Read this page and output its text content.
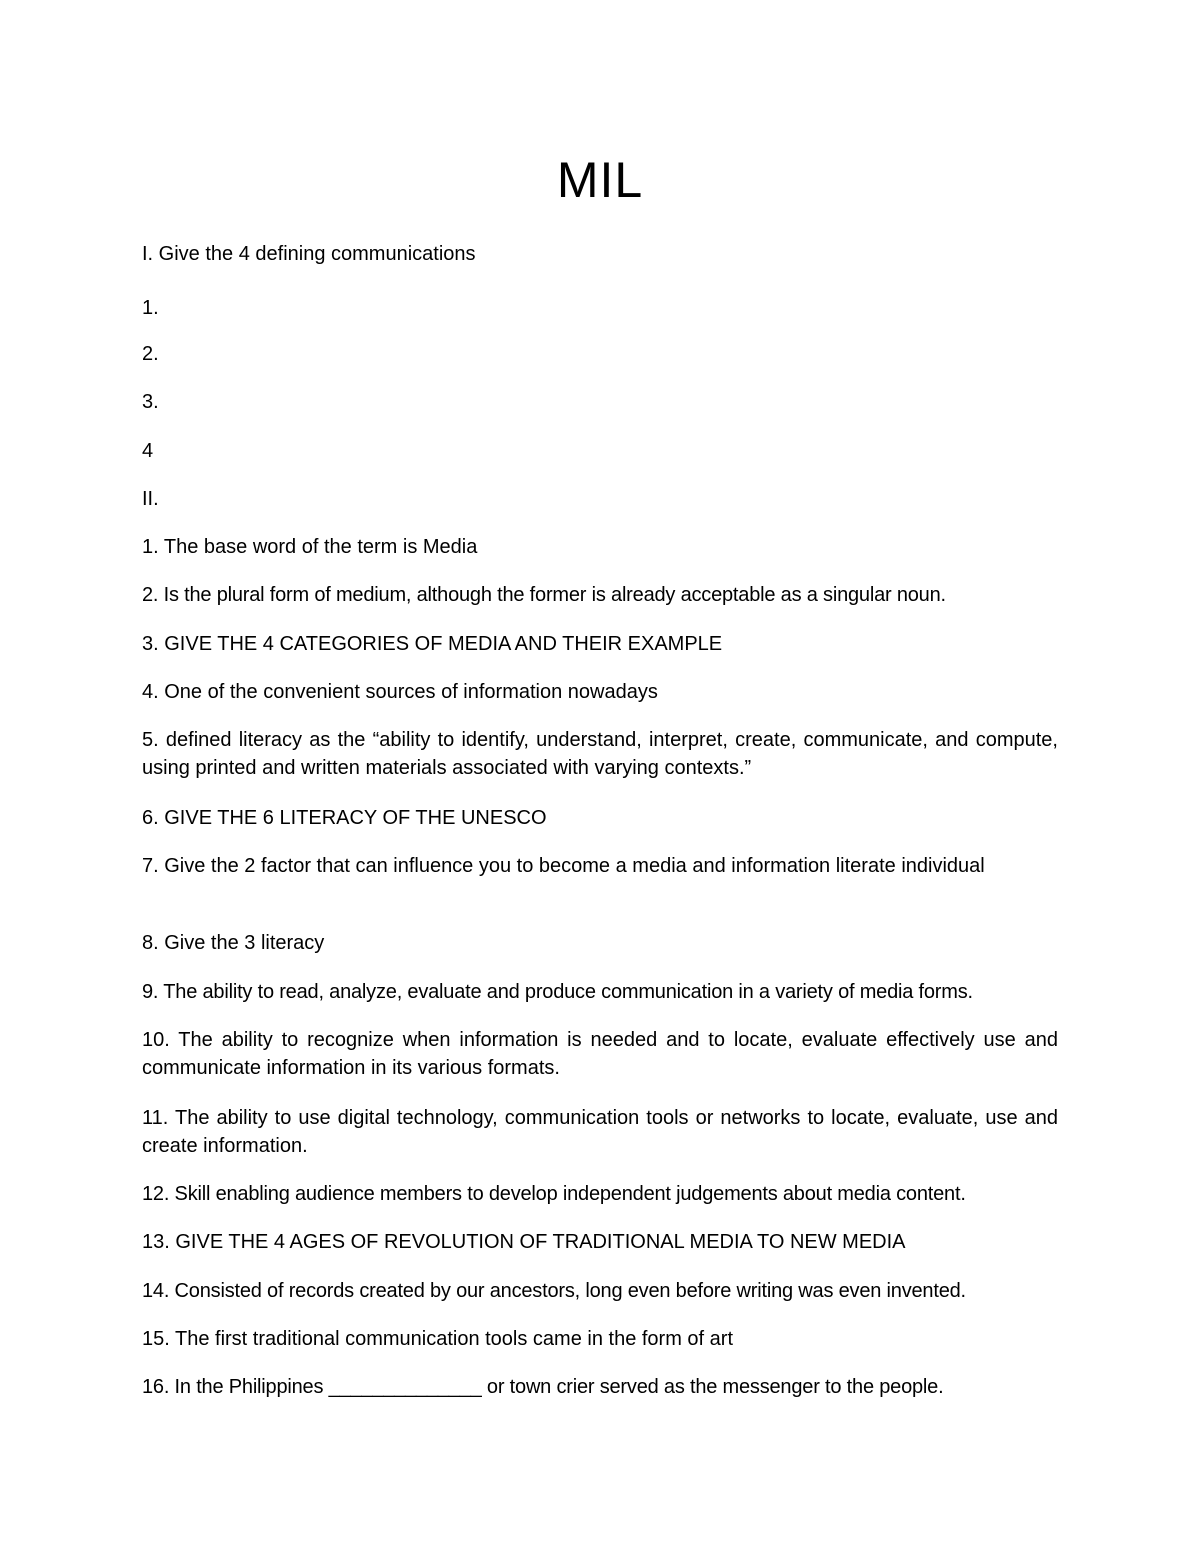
MIL
I. Give the 4 defining communications
1.
2.
3.
4
II.
1. The base word of the term is Media
2. Is the plural form of medium, although the former is already acceptable as a singular noun.
3. GIVE THE 4 CATEGORIES OF MEDIA AND THEIR EXAMPLE
4. One of the convenient sources of information nowadays
5. defined literacy as the “ability to identify, understand, interpret, create, communicate, and compute, using printed and written materials associated with varying contexts.”
6. GIVE THE 6 LITERACY OF THE UNESCO
7. Give the 2 factor that can influence you to become a media and information literate individual
8. Give the 3 literacy
9. The ability to read, analyze, evaluate and produce communication in a variety of media forms.
10. The ability to recognize when information is needed and to locate, evaluate effectively use and communicate information in its various formats.
11. The ability to use digital technology, communication tools or networks to locate, evaluate, use and create information.
12. Skill enabling audience members to develop independent judgements about media content.
13. GIVE THE 4 AGES OF REVOLUTION OF TRADITIONAL MEDIA TO NEW MEDIA
14. Consisted of records created by our ancestors, long even before writing was even invented.
15. The first traditional communication tools came in the form of art
16. In the Philippines ______________ or town crier served as the messenger to the people.
